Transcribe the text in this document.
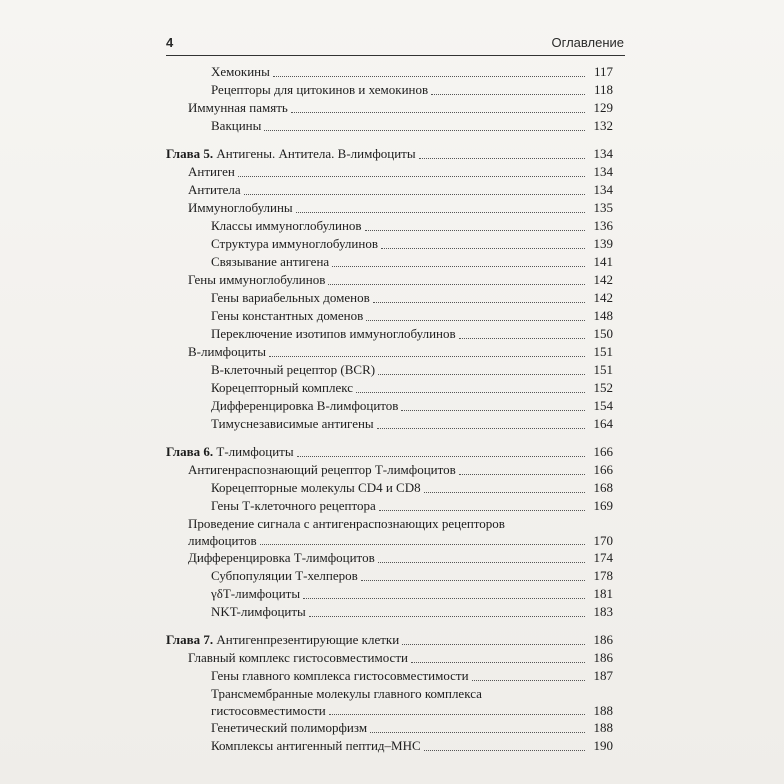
4	Оглавление
Хемокины	117
Рецепторы для цитокинов и хемокинов	118
Иммунная память	129
Вакцины	132
Глава 5. Антигены. Антитела. В-лимфоциты	134
Антиген	134
Антитела	134
Иммуноглобулины	135
Классы иммуноглобулинов	136
Структура иммуноглобулинов	139
Связывание антигена	141
Гены иммуноглобулинов	142
Гены вариабельных доменов	142
Гены константных доменов	148
Переключение изотипов иммуноглобулинов	150
В-лимфоциты	151
В-клеточный рецептор (BCR)	151
Корецепторный комплекс	152
Дифференцировка В-лимфоцитов	154
Тимуснезависимые антигены	164
Глава 6. Т-лимфоциты	166
Антигенраспознающий рецептор Т-лимфоцитов	166
Корецепторные молекулы CD4 и CD8	168
Гены Т-клеточного рецептора	169
Проведение сигнала с антигенраспознающих рецепторов
лимфоцитов	170
Дифференцировка Т-лимфоцитов	174
Субпопуляции Т-хелперов	178
γδТ-лимфоциты	181
NKT-лимфоциты	183
Глава 7. Антигенпрезентирующие клетки	186
Главный комплекс гистосовместимости	186
Гены главного комплекса гистосовместимости	187
Трансмембранные молекулы главного комплекса
гистосовместимости	188
Генетический полиморфизм	188
Комплексы антигенный пептид–MHC	190
